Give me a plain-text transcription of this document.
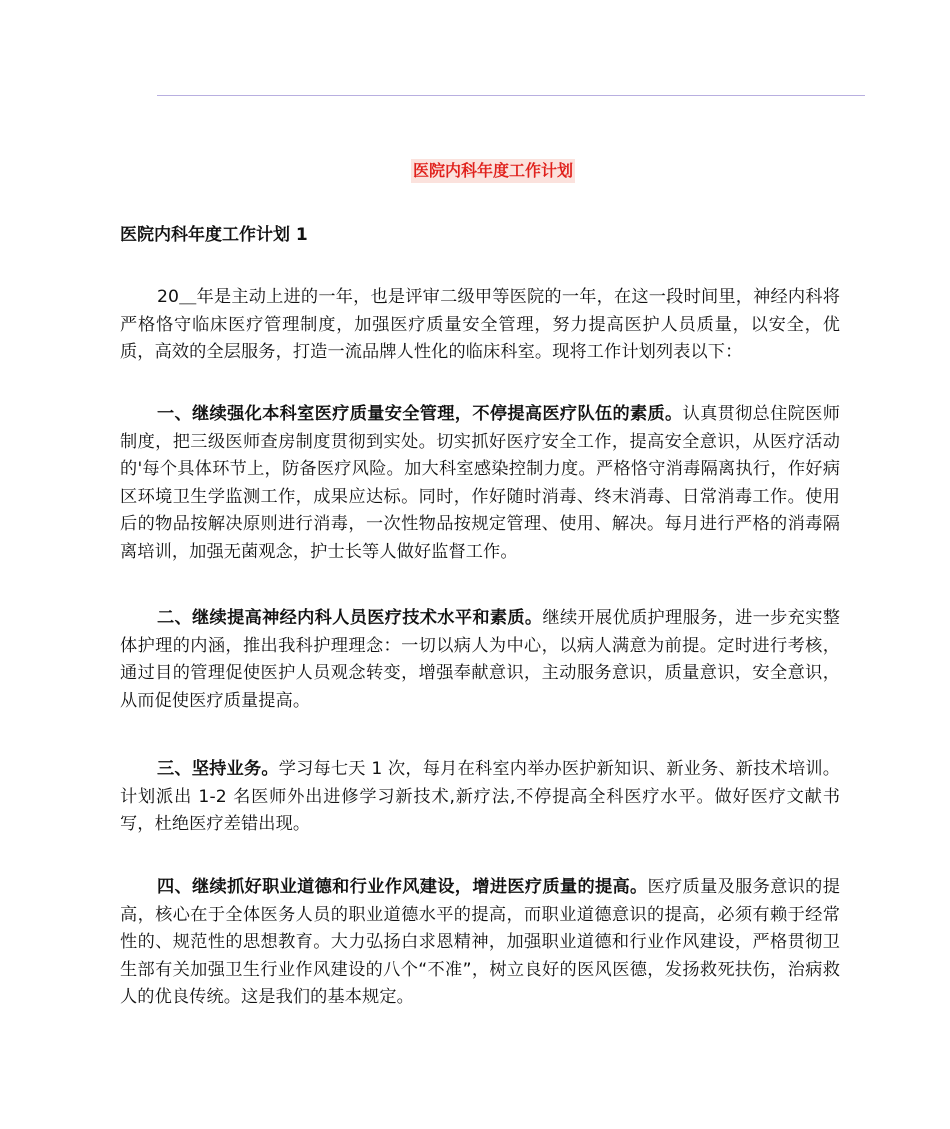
医院内科年度工作计划
医院内科年度工作计划 1

20＿年是主动上进的一年，也是评审二级甲等医院的一年，在这一段时间里，神经内科将严格恪守临床医疗管理制度，加强医疗质量安全管理，努力提高医护人员质量，以安全，优质，高效的全层服务，打造一流品牌人性化的临床科室。现将工作计划列表以下：

一、继续强化本科室医疗质量安全管理，不停提高医疗队伍的素质。认真贯彻总住院医师制度，把三级医师查房制度贯彻到实处。切实抓好医疗安全工作，提高安全意识，从医疗活动的'每个具体环节上，防备医疗风险。加大科室感染控制力度。严格恪守消毒隔离执行，作好病区环境卫生学监测工作，成果应达标。同时，作好随时消毒、终末消毒、日常消毒工作。使用后的物品按解决原则进行消毒，一次性物品按规定管理、使用、解决。每月进行严格的消毒隔离培训，加强无菌观念，护士长等人做好监督工作。

二、继续提高神经内科人员医疗技术水平和素质。继续开展优质护理服务，进一步充实整体护理的内涵，推出我科护理理念：一切以病人为中心，以病人满意为前提。定时进行考核，通过目的管理促使医护人员观念转变，增强奉献意识，主动服务意识，质量意识，安全意识，从而促使医疗质量提高。

三、坚持业务。学习每七天 1 次，每月在科室内举办医护新知识、新业务、新技术培训。计划派出 1-2 名医师外出进修学习新技术,新疗法,不停提高全科医疗水平。做好医疗文献书写，杜绝医疗差错出现。

四、继续抓好职业道德和行业作风建设，增进医疗质量的提高。医疗质量及服务意识的提高，核心在于全体医务人员的职业道德水平的提高，而职业道德意识的提高，必须有赖于经常性的、规范性的思想教育。大力弘扬白求恩精神，加强职业道德和行业作风建设，严格贯彻卫生部有关加强卫生行业作风建设的八个“不准”，树立良好的医风医德，发扬救死扶伤，治病救人的优良传统。这是我们的基本规定。
